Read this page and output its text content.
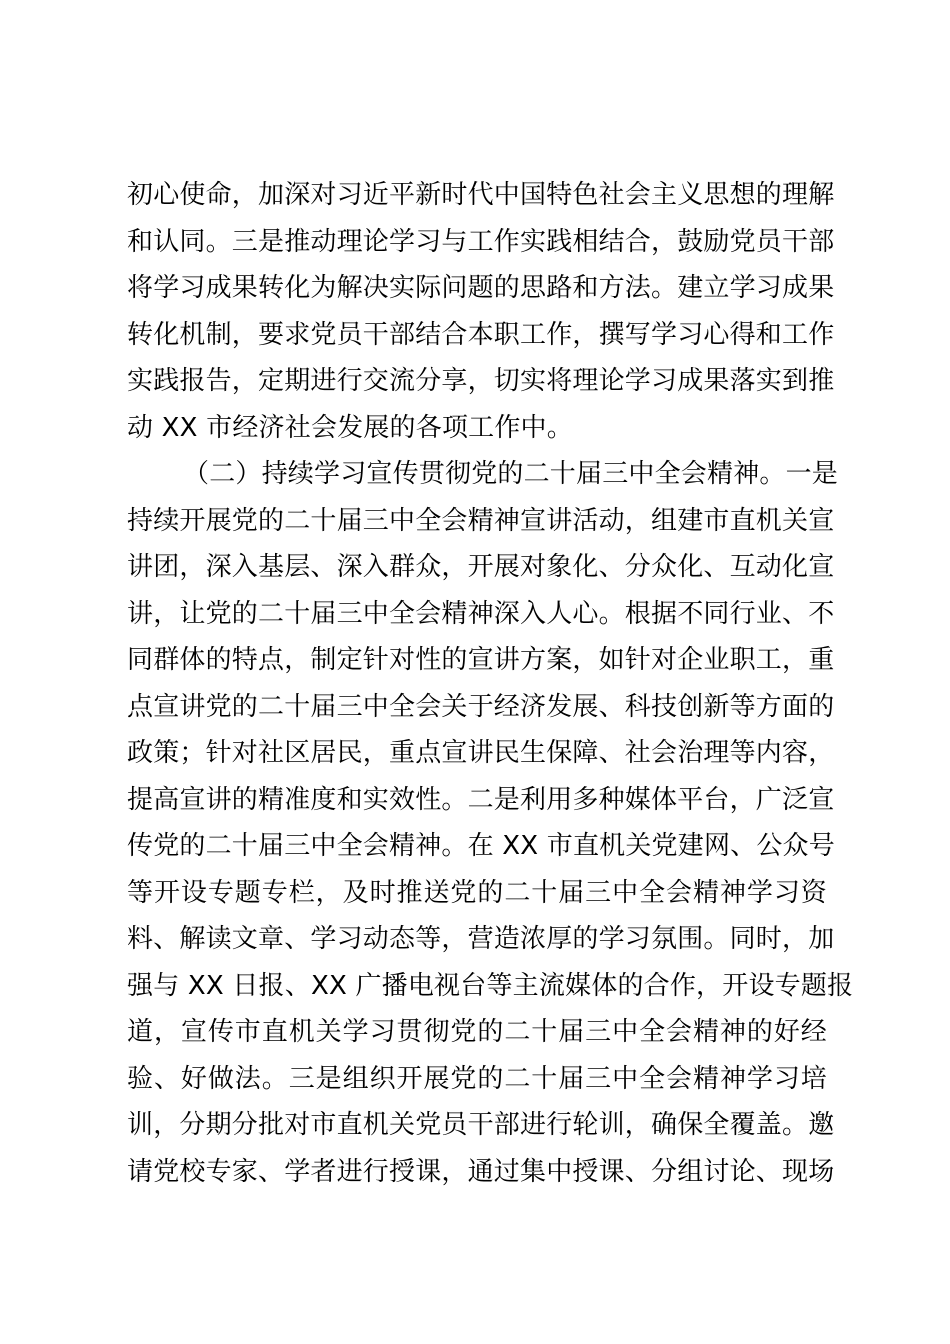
初心使命，加深对习近平新时代中国特色社会主义思想的理解
和认同。三是推动理论学习与工作实践相结合，鼓励党员干部
将学习成果转化为解决实际问题的思路和方法。建立学习成果
转化机制，要求党员干部结合本职工作，撰写学习心得和工作
实践报告，定期进行交流分享，切实将理论学习成果落实到推
动 XX 市经济社会发展的各项工作中。
（二）持续学习宣传贯彻党的二十届三中全会精神。一是
持续开展党的二十届三中全会精神宣讲活动，组建市直机关宣
讲团，深入基层、深入群众，开展对象化、分众化、互动化宣
讲，让党的二十届三中全会精神深入人心。根据不同行业、不
同群体的特点，制定针对性的宣讲方案，如针对企业职工，重
点宣讲党的二十届三中全会关于经济发展、科技创新等方面的
政策；针对社区居民，重点宣讲民生保障、社会治理等内容，
提高宣讲的精准度和实效性。二是利用多种媒体平台，广泛宣
传党的二十届三中全会精神。在 XX 市直机关党建网、公众号
等开设专题专栏，及时推送党的二十届三中全会精神学习资
料、解读文章、学习动态等，营造浓厚的学习氛围。同时，加
强与 XX 日报、XX 广播电视台等主流媒体的合作，开设专题报
道，宣传市直机关学习贯彻党的二十届三中全会精神的好经
验、好做法。三是组织开展党的二十届三中全会精神学习培
训，分期分批对市直机关党员干部进行轮训，确保全覆盖。邀
请党校专家、学者进行授课，通过集中授课、分组讨论、现场
